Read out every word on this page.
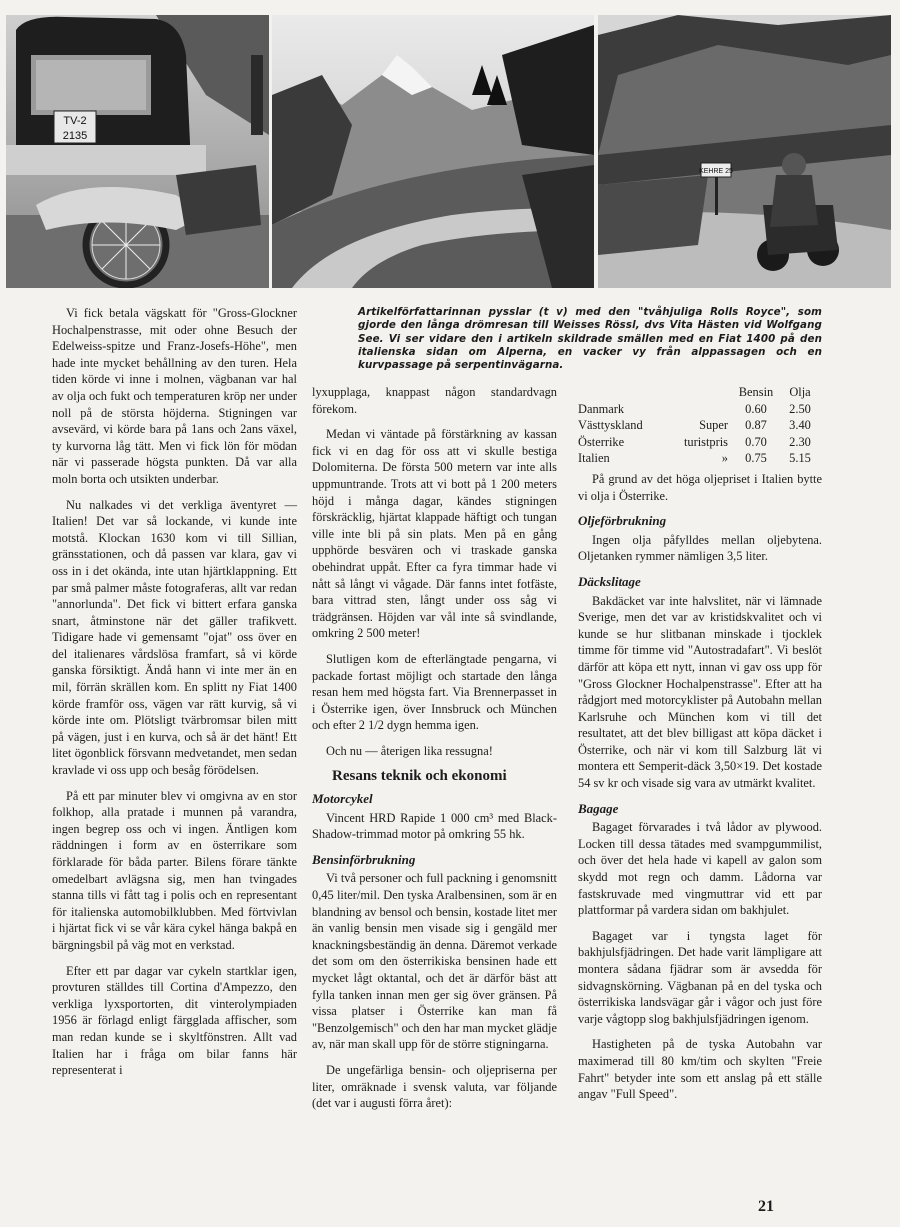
TV-2
2135
KEHRE 25
Artikelförfattarinnan pysslar (t v) med den "tvåhjuliga Rolls Royce", som gjorde den långa drömresan till Weisses Rössl, dvs Vita Hästen vid Wolfgang See. Vi ser vidare den i artikeln skildrade smällen med en Fiat 1400 på den italienska sidan om Alperna, en vacker vy från alppassagen och en kurvpassage på serpentinvägarna.

Vi fick betala vägskatt för "Gross-Glockner Hochalpenstrasse, mit oder ohne Besuch der Edelweiss-spitze und Franz-Josefs-Höhe", men hade inte mycket behållning av den turen. Hela tiden körde vi inne i molnen, vägbanan var hal av olja och fukt och temperaturen kröp ner under noll på de största höjderna. Stigningen var avsevärd, vi körde bara på 1ans och 2ans växel, ty kurvorna låg tätt. Men vi fick lön för mödan när vi passerade högsta punkten. Då var alla moln borta och utsikten underbar.

Nu nalkades vi det verkliga äventyret — Italien! Det var så lockande, vi kunde inte motstå. Klockan 1630 kom vi till Sillian, gränsstationen, och då passen var klara, gav vi oss in i det okända, inte utan hjärtklappning. Ett par små palmer måste fotograferas, allt var redan "annorlunda". Det fick vi bittert erfara ganska snart, åtminstone när det gäller trafikvett. Tidigare hade vi gemensamt "ojat" oss över en del italienares vårdslösa framfart, så vi körde ganska försiktigt. Ändå hann vi inte mer än en mil, förrän skrällen kom. En splitt ny Fiat 1400 körde framför oss, vägen var rätt kurvig, så vi körde inte om. Plötsligt tvärbromsar bilen mitt på vägen, just i en kurva, och så är det hänt! Ett litet ögonblick försvann medvetandet, men sedan kravlade vi oss upp och besåg förödelsen.

På ett par minuter blev vi omgivna av en stor folkhop, alla pratade i munnen på varandra, ingen begrep oss och vi ingen. Äntligen kom räddningen i form av en österrikare som förklarade för båda parter. Bilens förare tänkte omedelbart avlägsna sig, men han tvingades stanna tills vi fått tag i polis och en representant för italienska automobilklubben. Med förtvivlan i hjärtat fick vi se vår kära cykel hänga bakpå en bärgningsbil på väg mot en verkstad.

Efter ett par dagar var cykeln startklar igen, provturen ställdes till Cortina d'Ampezzo, den verkliga lyxsportorten, dit vinterolympiaden 1956 är förlagd enligt färgglada affischer, som man redan kunde se i skyltfönstren. Allt vad Italien har i fråga om bilar fanns här representerat i

lyxupplaga, knappast någon standardvagn förekom.

Medan vi väntade på förstärkning av kassan fick vi en dag för oss att vi skulle bestiga Dolomiterna. De första 500 metern var inte alls uppmuntrande. Trots att vi bott på 1 200 meters höjd i många dagar, kändes stigningen förskräcklig, hjärtat klappade häftigt och tungan ville inte bli på sin plats. Men på en gång upphörde besvären och vi traskade ganska obehindrat uppåt. Efter ca fyra timmar hade vi nått så långt vi vågade. Där fanns intet fotfäste, bara vittrad sten, långt under oss såg vi trädgränsen. Höjden var vål inte så svindlande, omkring 2 500 meter!

Slutligen kom de efterlängtade pengarna, vi packade fortast möjligt och startade den långa resan hem med högsta fart. Via Brennerpasset in i Österrike igen, över Innsbruck och München och efter 2 1/2 dygn hemma igen.

Och nu — återigen lika ressugna!

Resans teknik och ekonomi
Motorcykel

Vincent HRD Rapide 1 000 cm³ med Black-Shadow-trimmad motor på omkring 55 hk.

Bensinförbrukning

Vi två personer och full packning i genomsnitt 0,45 liter/mil. Den tyska Aralbensinen, som är en blandning av bensol och bensin, kostade litet mer än vanlig bensin men visade sig i gengäld mer knackningsbeständig än denna. Däremot verkade det som om den österrikiska bensinen hade ett mycket lågt oktantal, och det är därför bäst att fylla tanken innan men ger sig över gränsen. På vissa platser i Österrike kan man få "Benzolgemisch" och den har man mycket glädje av, när man skall upp för de större stigningarna.

De ungefärliga bensin- och oljepriserna per liter, omräknade i svensk valuta, var följande (det var i augusti förra året):

		Bensin	Olja
Danmark		0.60	2.50
Västtyskland	Super	0.87	3.40
Österrike	turistpris	0.70	2.30
Italien	»	0.75	5.15

På grund av det höga oljepriset i Italien bytte vi olja i Österrike.

Oljeförbrukning

Ingen olja påfylldes mellan oljebytena. Oljetanken rymmer nämligen 3,5 liter.

Däckslitage

Bakdäcket var inte halvslitet, när vi lämnade Sverige, men det var av kristidskvalitet och vi kunde se hur slitbanan minskade i tjocklek timme för timme vid "Autostradafart". Vi beslöt därför att köpa ett nytt, innan vi gav oss upp för "Gross Glockner Hochalpenstrasse". Efter att ha rådgjort med motorcyklister på Autobahn mellan Karlsruhe och München kom vi till det resultatet, att det blev billigast att köpa däcket i Österrike, och när vi kom till Salzburg lät vi montera ett Semperit-däck 3,50×19. Det kostade 54 sv kr och visade sig vara av utmärkt kvalitet.

Bagage

Bagaget förvarades i två lådor av plywood. Locken till dessa tätades med svampgummilist, och över det hela hade vi kapell av galon som skydd mot regn och damm. Lådorna var fastskruvade med vingmuttrar vid ett par plattformar på vardera sidan om bakhjulet.

Bagaget var i tyngsta laget för bakhjulsfjädringen. Det hade varit lämpligare att montera sådana fjädrar som är avsedda för sidvagnskörning. Vägbanan på en del tyska och österrikiska landsvägar går i vågor och just före varje vågtopp slog bakhjulsfjädringen igenom.

Hastigheten på de tyska Autobahn var maximerad till 80 km/tim och skylten "Freie Fahrt" betyder inte som ett anslag på ett ställe angav "Full Speed".

21
